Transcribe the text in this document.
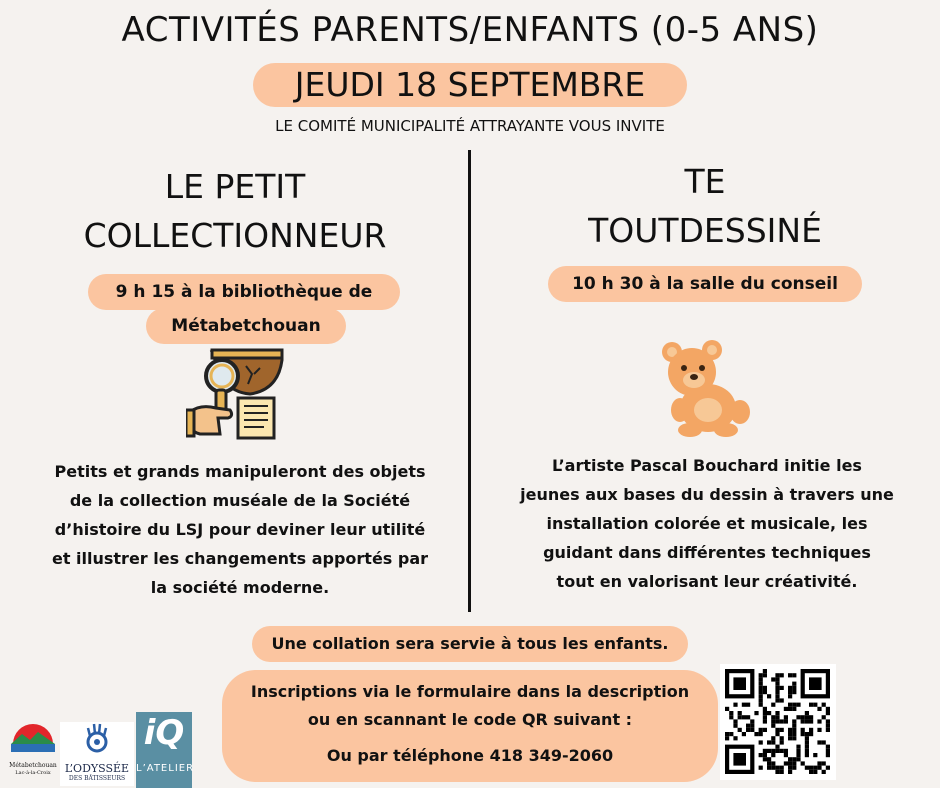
ACTIVITÉS PARENTS/ENFANTS (0-5 ANS)
JEUDI 18 SEPTEMBRE
LE COMITÉ MUNICIPALITÉ ATTRAYANTE VOUS INVITE
LE PETIT
COLLECTIONNEUR
9 h 15 à la bibliothèque de
Métabetchouan
Petits et grands manipuleront des objets
de la collection muséale de la Société
d’histoire du LSJ pour deviner leur utilité
et illustrer les changements apportés par
la société moderne.
TE
TOUTDESSINÉ
10 h 30 à la salle du conseil
L’artiste Pascal Bouchard initie les
jeunes aux bases du dessin à travers une
installation colorée et musicale, les
guidant dans différentes techniques
tout en valorisant leur créativité.
Une collation sera servie à tous les enfants.
Inscriptions via le formulaire dans la description
ou en scannant le code QR suivant :
Ou par téléphone 418 349-2060
Métabetchouan
Lac-à-la-Croix	L’ODYSSÉE
DES BÂTISSEURS
iQ
L’ATELIER
